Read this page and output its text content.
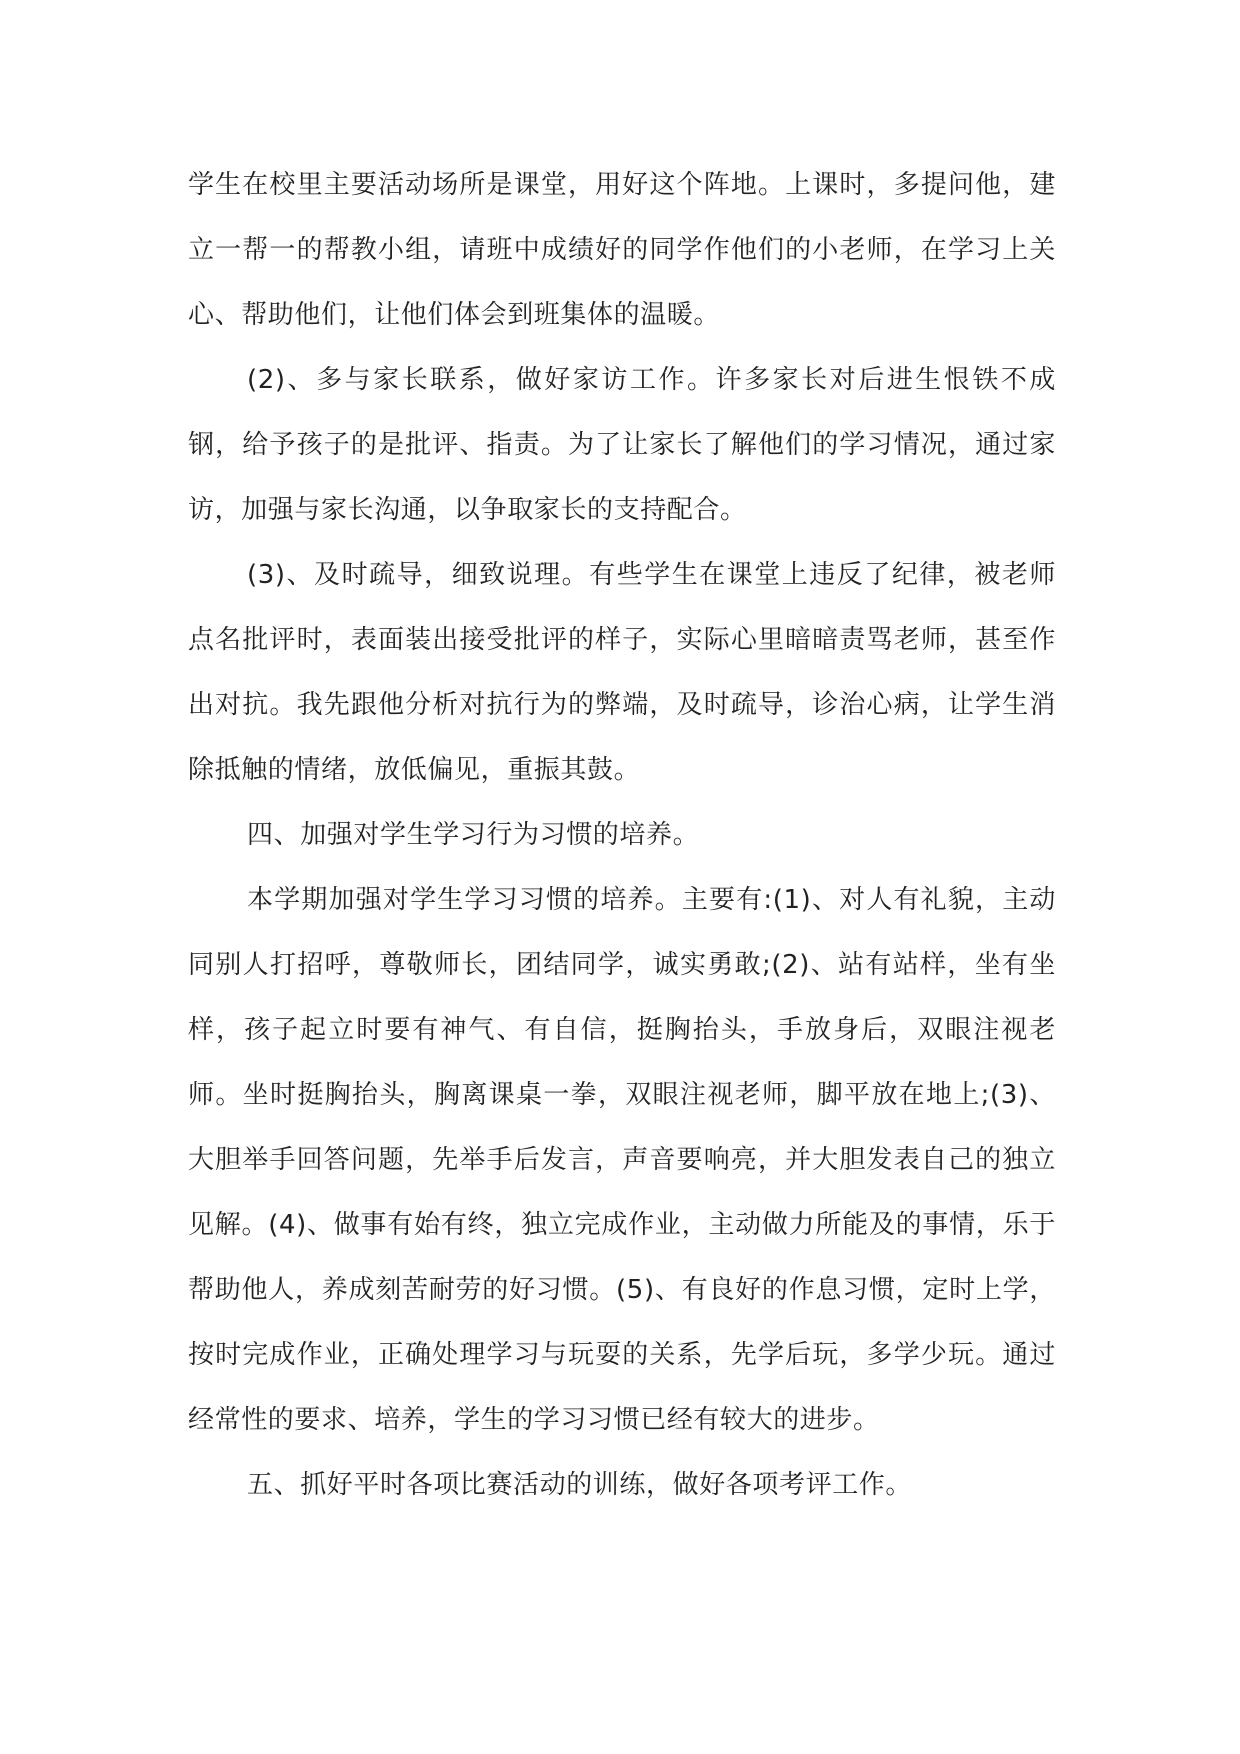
学生在校里主要活动场所是课堂，用好这个阵地。上课时，多提问他，建立一帮一的帮教小组，请班中成绩好的同学作他们的小老师，在学习上关心、帮助他们，让他们体会到班集体的温暖。

(2)、多与家长联系，做好家访工作。许多家长对后进生恨铁不成钢，给予孩子的是批评、指责。为了让家长了解他们的学习情况，通过家访，加强与家长沟通，以争取家长的支持配合。

(3)、及时疏导，细致说理。有些学生在课堂上违反了纪律，被老师点名批评时，表面装出接受批评的样子，实际心里暗暗责骂老师，甚至作出对抗。我先跟他分析对抗行为的弊端，及时疏导，诊治心病，让学生消除抵触的情绪，放低偏见，重振其鼓。

四、加强对学生学习行为习惯的培养。

本学期加强对学生学习习惯的培养。主要有:(1)、对人有礼貌，主动同别人打招呼，尊敬师长，团结同学，诚实勇敢;(2)、站有站样，坐有坐样，孩子起立时要有神气、有自信，挺胸抬头，手放身后，双眼注视老师。坐时挺胸抬头，胸离课桌一拳，双眼注视老师，脚平放在地上;(3)、大胆举手回答问题，先举手后发言，声音要响亮，并大胆发表自己的独立见解。(4)、做事有始有终，独立完成作业，主动做力所能及的事情，乐于帮助他人，养成刻苦耐劳的好习惯。(5)、有良好的作息习惯，定时上学，按时完成作业，正确处理学习与玩耍的关系，先学后玩，多学少玩。通过经常性的要求、培养，学生的学习习惯已经有较大的进步。

五、抓好平时各项比赛活动的训练，做好各项考评工作。
